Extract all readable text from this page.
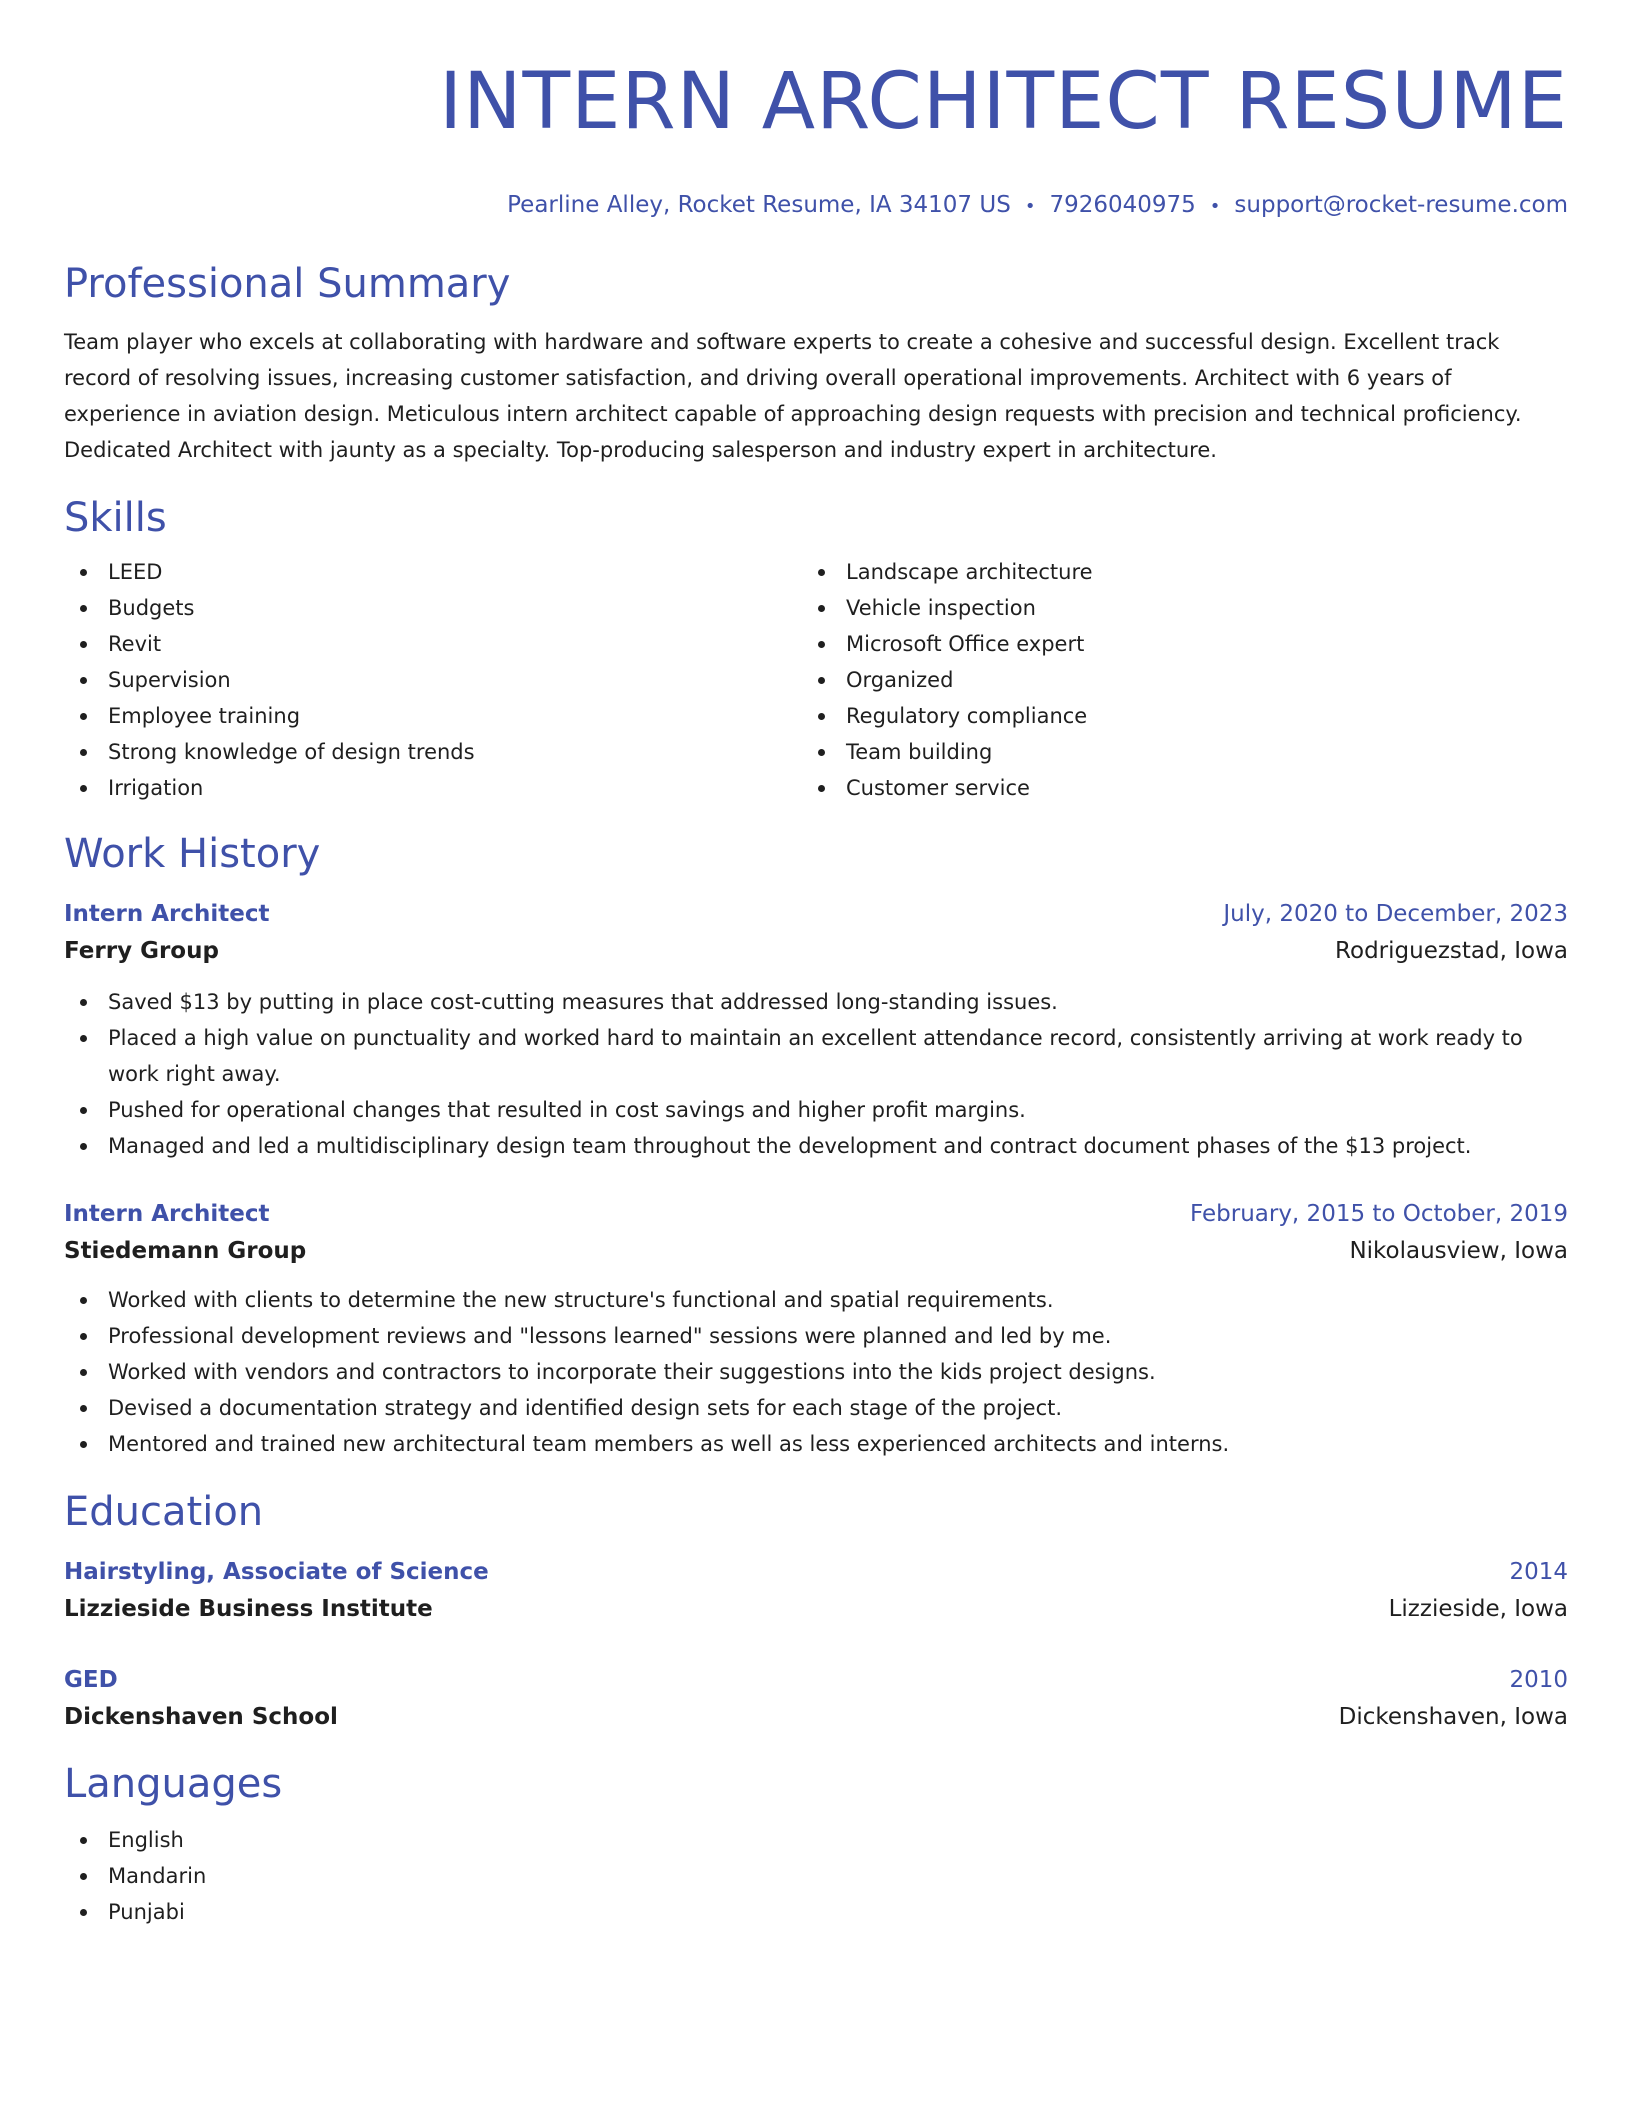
INTERN ARCHITECT RESUME
Pearline Alley, Rocket Resume, IA 34107 US • 7926040975 • support@rocket-resume.com
Professional Summary

Team player who excels at collaborating with hardware and software experts to create a cohesive and successful design. Excellent track record of resolving issues, increasing customer satisfaction, and driving overall operational improvements. Architect with 6 years of experience in aviation design. Meticulous intern architect capable of approaching design requests with precision and technical proficiency. Dedicated Architect with jaunty as a specialty. Top-producing salesperson and industry expert in architecture.

Skills
LEED
Budgets
Revit
Supervision
Employee training
Strong knowledge of design trends
Irrigation
Landscape architecture
Vehicle inspection
Microsoft Office expert
Organized
Regulatory compliance
Team building
Customer service
Work History
Intern Architect	July, 2020 to December, 2023
Ferry Group	Rodriguezstad, Iowa
Saved $13 by putting in place cost-cutting measures that addressed long-standing issues.
Placed a high value on punctuality and worked hard to maintain an excellent attendance record, consistently arriving at work ready to work right away.
Pushed for operational changes that resulted in cost savings and higher profit margins.
Managed and led a multidisciplinary design team throughout the development and contract document phases of the $13 project.
Intern Architect	February, 2015 to October, 2019
Stiedemann Group	Nikolausview, Iowa
Worked with clients to determine the new structure's functional and spatial requirements.
Professional development reviews and "lessons learned" sessions were planned and led by me.
Worked with vendors and contractors to incorporate their suggestions into the kids project designs.
Devised a documentation strategy and identified design sets for each stage of the project.
Mentored and trained new architectural team members as well as less experienced architects and interns.
Education
Hairstyling, Associate of Science	2014
Lizzieside Business Institute	Lizzieside, Iowa
GED	2010
Dickenshaven School	Dickenshaven, Iowa
Languages
English
Mandarin
Punjabi
